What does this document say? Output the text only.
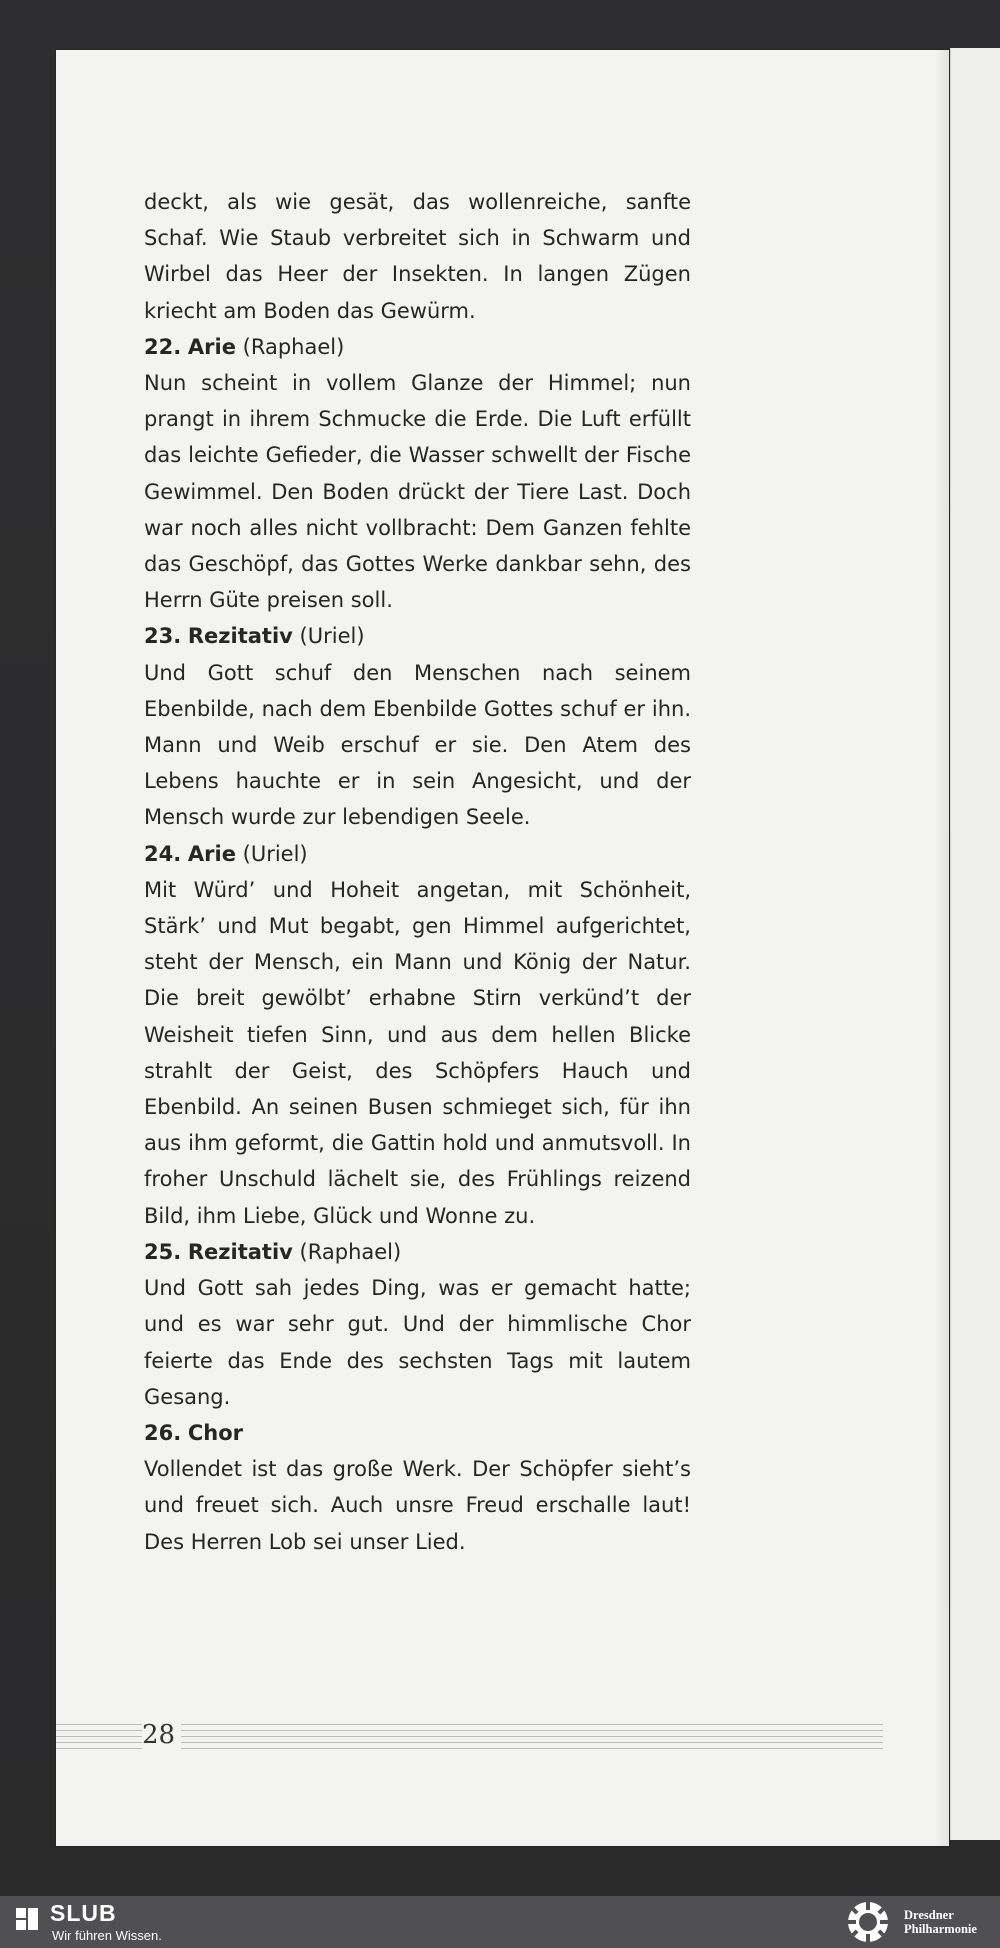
deckt, als wie gesät, das wollenreiche, sanfte Schaf. Wie Staub verbreitet sich in Schwarm und Wirbel das Heer der Insekten. In langen Zügen kriecht am Boden das Gewürm.

22. Arie (Raphael)

Nun scheint in vollem Glanze der Himmel; nun prangt in ihrem Schmucke die Erde. Die Luft erfüllt das leichte Gefieder, die Wasser schwellt der Fische Gewimmel. Den Boden drückt der Tiere Last. Doch war noch alles nicht vollbracht: Dem Ganzen fehlte das Geschöpf, das Gottes Werke dankbar sehn, des Herrn Güte preisen soll.

23. Rezitativ (Uriel)

Und Gott schuf den Menschen nach seinem Ebenbilde, nach dem Ebenbilde Gottes schuf er ihn. Mann und Weib erschuf er sie. Den Atem des Lebens hauchte er in sein Angesicht, und der Mensch wurde zur lebendigen Seele.

24. Arie (Uriel)

Mit Würd’ und Hoheit angetan, mit Schönheit, Stärk’ und Mut begabt, gen Himmel aufgerichtet, steht der Mensch, ein Mann und König der Natur. Die breit gewölbt’ erhabne Stirn verkünd’t der Weisheit tiefen Sinn, und aus dem hellen Blicke strahlt der Geist, des Schöpfers Hauch und Ebenbild. An seinen Busen schmieget sich, für ihn aus ihm geformt, die Gattin hold und anmutsvoll. In froher Unschuld lächelt sie, des Frühlings reizend Bild, ihm Liebe, Glück und Wonne zu.

25. Rezitativ (Raphael)

Und Gott sah jedes Ding, was er gemacht hatte; und es war sehr gut. Und der himmlische Chor feierte das Ende des sechsten Tags mit lautem Gesang.

26. Chor

Vollendet ist das große Werk. Der Schöpfer sieht’s und freuet sich. Auch unsre Freud erschalle laut! Des Herren Lob sei unser Lied.

28
SLUB
Wir führen Wissen.
Dresdner
Philharmonie
